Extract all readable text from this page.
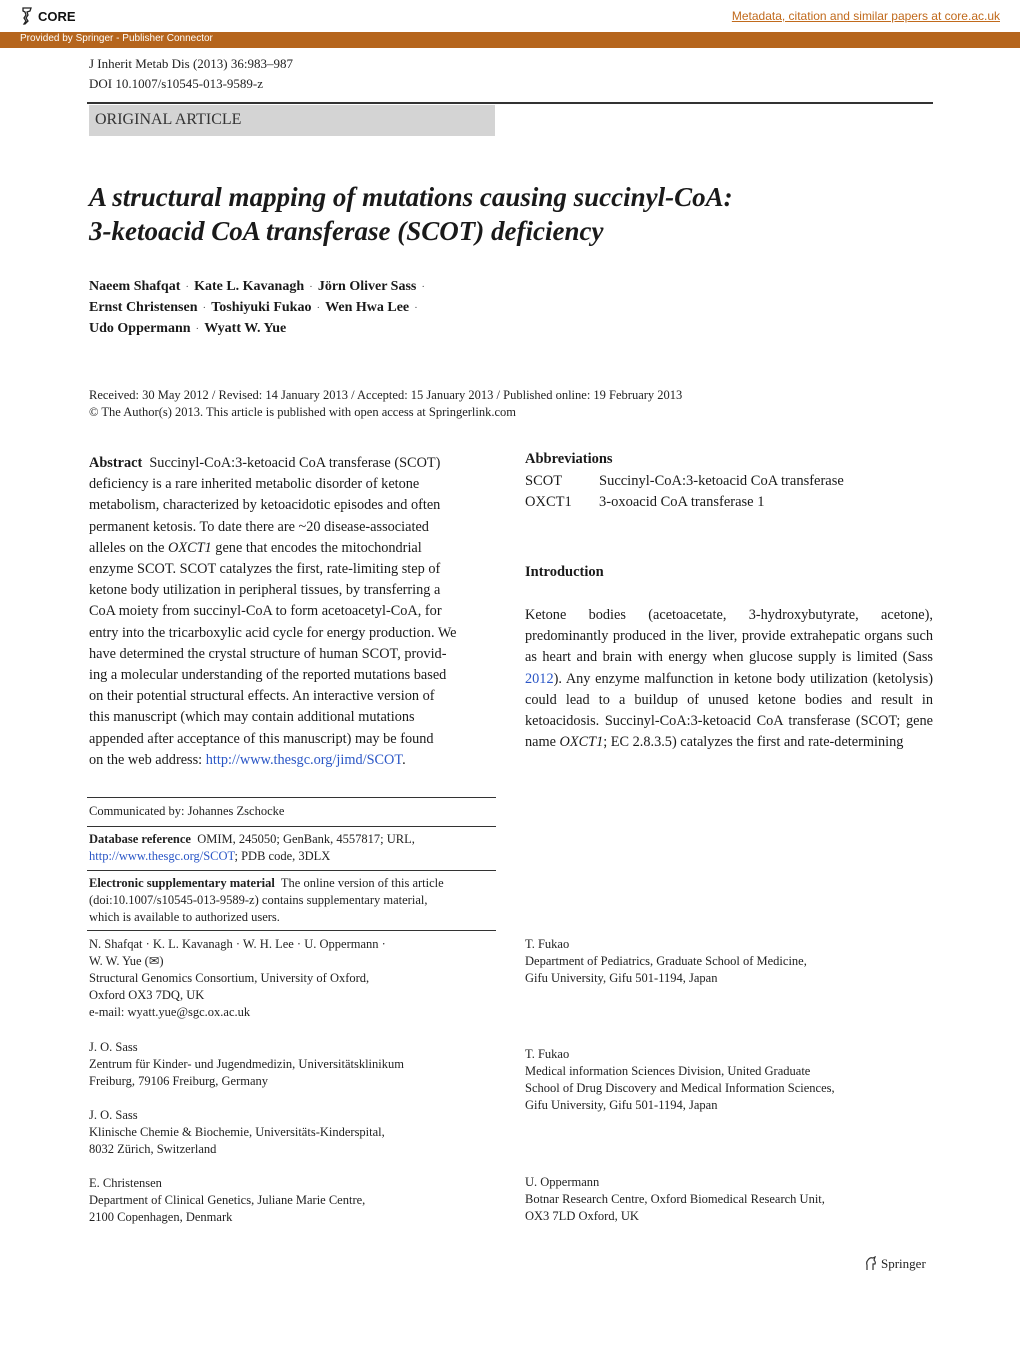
CORE	Metadata, citation and similar papers at core.ac.uk
Provided by Springer - Publisher Connector
J Inherit Metab Dis (2013) 36:983–987
DOI 10.1007/s10545-013-9589-z
ORIGINAL ARTICLE
A structural mapping of mutations causing succinyl-CoA:
3-ketoacid CoA transferase (SCOT) deficiency
Naeem Shafqat · Kate L. Kavanagh · Jörn Oliver Sass ·
Ernst Christensen · Toshiyuki Fukao · Wen Hwa Lee ·
Udo Oppermann · Wyatt W. Yue
Received: 30 May 2012 / Revised: 14 January 2013 / Accepted: 15 January 2013 / Published online: 19 February 2013
© The Author(s) 2013. This article is published with open access at Springerlink.com
Abstract Succinyl-CoA:3-ketoacid CoA transferase (SCOT)
deficiency is a rare inherited metabolic disorder of ketone
metabolism, characterized by ketoacidotic episodes and often
permanent ketosis. To date there are ~20 disease-associated
alleles on the OXCT1 gene that encodes the mitochondrial
enzyme SCOT. SCOT catalyzes the first, rate-limiting step of
ketone body utilization in peripheral tissues, by transferring a
CoA moiety from succinyl-CoA to form acetoacetyl-CoA, for
entry into the tricarboxylic acid cycle for energy production. We
have determined the crystal structure of human SCOT, provid-
ing a molecular understanding of the reported mutations based
on their potential structural effects. An interactive version of
this manuscript (which may contain additional mutations
appended after acceptance of this manuscript) may be found
on the web address: http://www.thesgc.org/jimd/SCOT.
Communicated by: Johannes Zschocke
Database reference OMIM, 245050; GenBank, 4557817; URL,
http://www.thesgc.org/SCOT; PDB code, 3DLX
Electronic supplementary material The online version of this article
(doi:10.1007/s10545-013-9589-z) contains supplementary material,
which is available to authorized users.
N. Shafqat · K. L. Kavanagh · W. H. Lee · U. Oppermann ·
W. W. Yue (✉)
Structural Genomics Consortium, University of Oxford,
Oxford OX3 7DQ, UK
e-mail: wyatt.yue@sgc.ox.ac.uk
J. O. Sass
Zentrum für Kinder- und Jugendmedizin, Universitätsklinikum
Freiburg, 79106 Freiburg, Germany
J. O. Sass
Klinische Chemie & Biochemie, Universitäts-Kinderspital,
8032 Zürich, Switzerland
E. Christensen
Department of Clinical Genetics, Juliane Marie Centre,
2100 Copenhagen, Denmark
Abbreviations
SCOT	Succinyl-CoA:3-ketoacid CoA transferase
OXCT1 3-oxoacid CoA transferase 1
Introduction
Ketone bodies (acetoacetate, 3-hydroxybutyrate, acetone), predominantly produced in the liver, provide extrahepatic organs such as heart and brain with energy when glucose supply is limited (Sass 2012). Any enzyme malfunction in ketone body utilization (ketolysis) could lead to a buildup of unused ketone bodies and result in ketoacidosis. Succinyl-CoA:3-ketoacid CoA transferase (SCOT; gene name OXCT1; EC 2.8.3.5) catalyzes the first and rate-determining
T. Fukao
Department of Pediatrics, Graduate School of Medicine,
Gifu University, Gifu 501-1194, Japan
T. Fukao
Medical information Sciences Division, United Graduate
School of Drug Discovery and Medical Information Sciences,
Gifu University, Gifu 501-1194, Japan
U. Oppermann
Botnar Research Centre, Oxford Biomedical Research Unit,
OX3 7LD Oxford, UK
Springer
